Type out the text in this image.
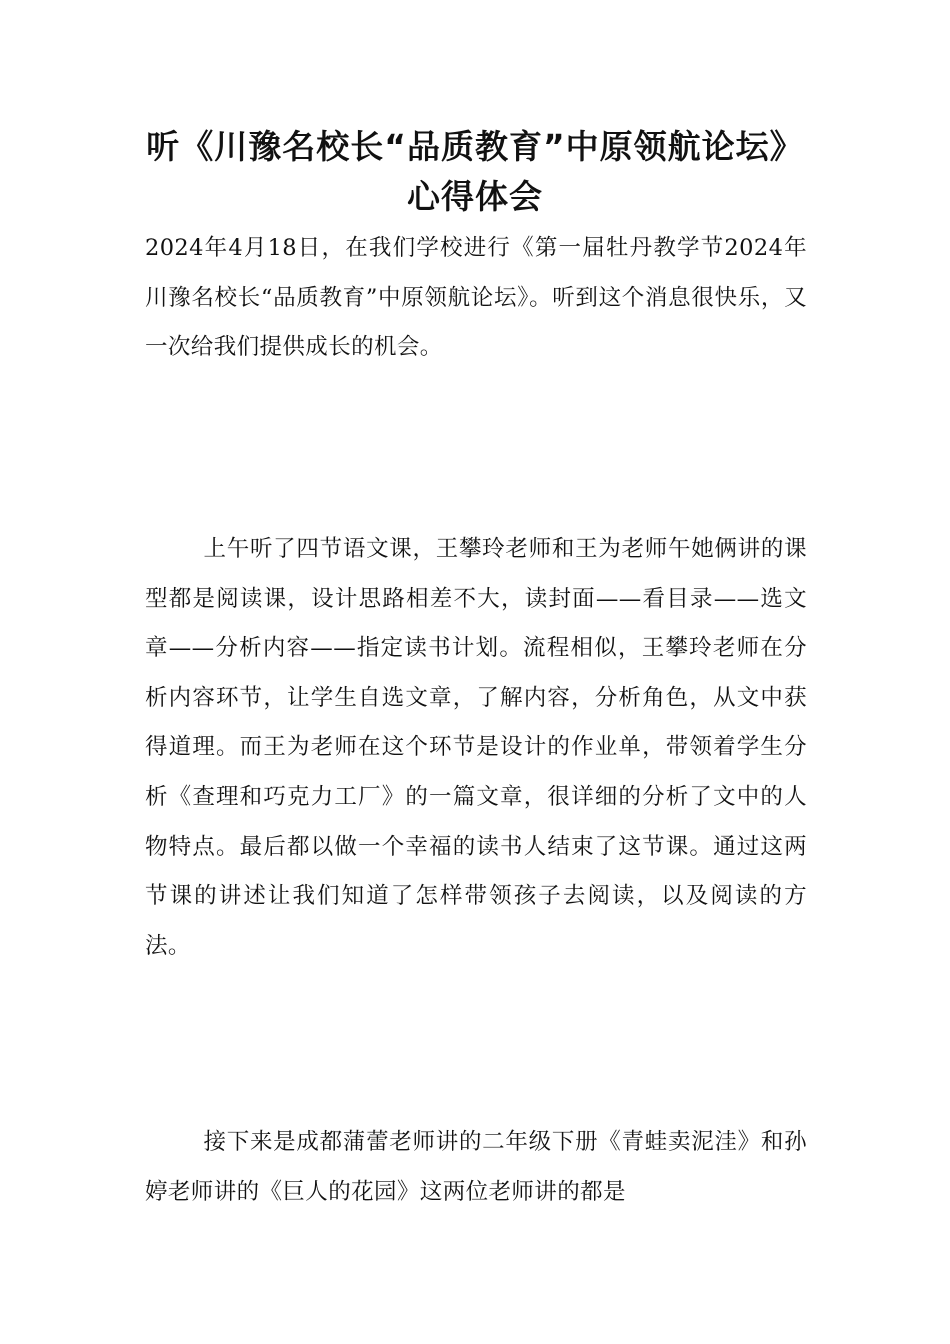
听《川豫名校长“品质教育”中原领航论坛》心得体会

2024年4月18日，在我们学校进行《第一届牡丹教学节2024年川豫名校长“品质教育”中原领航论坛》。听到这个消息很快乐，又一次给我们提供成长的机会。

上午听了四节语文课，王攀玲老师和王为老师午她俩讲的课型都是阅读课，设计思路相差不大，读封面——看目录——选文章——分析内容——指定读书计划。流程相似，王攀玲老师在分析内容环节，让学生自选文章，了解内容，分析角色，从文中获得道理。而王为老师在这个环节是设计的作业单，带领着学生分析《查理和巧克力工厂》的一篇文章，很详细的分析了文中的人物特点。最后都以做一个幸福的读书人结束了这节课。通过这两节课的讲述让我们知道了怎样带领孩子去阅读，以及阅读的方法。

接下来是成都蒲蕾老师讲的二年级下册《青蛙卖泥洼》和孙婷老师讲的《巨人的花园》这两位老师讲的都是
